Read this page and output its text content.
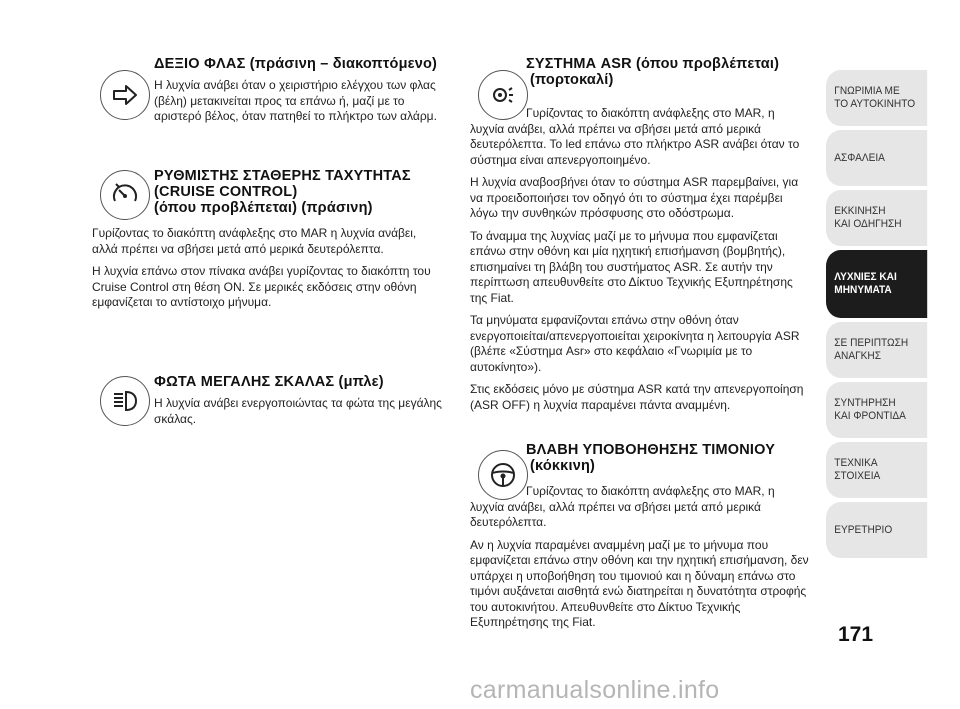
ΔΕΞΙΟ ΦΛΑΣ (πράσινη – διακοπτόμενο)

Η λυχνία ανάβει όταν ο χειριστήριο ελέγχου των φλας (βέλη) μετακινείται προς τα επάνω ή, μαζί με το αριστερό βέλος, όταν πατηθεί το πλήκτρο των αλάρμ.

ΡΥΘΜΙΣΤΗΣ ΣΤΑΘΕΡΗΣ ΤΑΧΥΤΗΤΑΣ
(CRUISE CONTROL)
(όπου προβλέπεται) (πράσινη)

Γυρίζοντας το διακόπτη ανάφλεξης στο MAR η λυχνία ανάβει, αλλά πρέπει να σβήσει μετά από μερικά δευτερόλεπτα.

Η λυχνία επάνω στον πίνακα ανάβει γυρίζοντας το διακόπτη του Cruise Control στη θέση ON. Σε μερικές εκδόσεις στην οθόνη εμφανίζεται το αντίστοιχο μήνυμα.

ΦΩΤΑ ΜΕΓΑΛΗΣ ΣΚΑΛΑΣ (μπλε)

Η λυχνία ανάβει ενεργοποιώντας τα φώτα της μεγάλης σκάλας.

ΣΥΣΤΗΜΑ ASR (όπου προβλέπεται)
(πορτοκαλί)

Γυρίζοντας το διακόπτη ανάφλεξης στο MAR, η λυχνία ανάβει, αλλά πρέπει να σβήσει μετά από μερικά δευτερόλεπτα. Το led επάνω στο πλήκτρο ASR ανάβει όταν το σύστημα είναι απενεργοποιημένο.

Η λυχνία αναβοσβήνει όταν το σύστημα ASR παρεμβαίνει, για να προειδοποιήσει τον οδηγό ότι το σύστημα έχει παρέμβει λόγω την συνθηκών πρόσφυσης στο οδόστρωμα.

Το άναμμα της λυχνίας μαζί με το μήνυμα που εμφανίζεται επάνω στην οθόνη και μία ηχητική επισήμανση (βομβητής), επισημαίνει τη βλάβη του συστήματος ASR. Σε αυτήν την περίπτωση απευθυνθείτε στο Δίκτυο Τεχνικής Εξυπηρέτησης της Fiat.

Τα μηνύματα εμφανίζονται επάνω στην οθόνη όταν ενεργοποιείται/απενεργοποιείται χειροκίνητα η λειτουργία ASR (βλέπε «Σύστημα Asr» στο κεφάλαιο «Γνωριμία με το αυτοκίνητο»).

Στις εκδόσεις μόνο με σύστημα ASR κατά την απενεργοποίηση (ASR OFF) η λυχνία παραμένει πάντα αναμμένη.

ΒΛΑΒΗ ΥΠΟΒΟΗΘΗΣΗΣ ΤΙΜΟΝΙΟΥ
(κόκκινη)

Γυρίζοντας το διακόπτη ανάφλεξης στο MAR, η λυχνία ανάβει, αλλά πρέπει να σβήσει μετά από μερικά δευτερόλεπτα.

Αν η λυχνία παραμένει αναμμένη μαζί με το μήνυμα που εμφανίζεται επάνω στην οθόνη και την ηχητική επισήμανση, δεν υπάρχει η υποβοήθηση του τιμονιού και η δύναμη επάνω στο τιμόνι αυξάνεται αισθητά ενώ διατηρείται η δυνατότητα στροφής του αυτοκινήτου. Απευθυνθείτε στο Δίκτυο Τεχνικής Εξυπηρέτησης της Fiat.

ΓΝΩΡΙΜΙΑ ΜΕ
ΤΟ ΑΥΤΟΚΙΝΗΤΟ
ΑΣΦΑΛΕΙΑ
ΕΚΚΙΝΗΣΗ
ΚΑΙ ΟΔΗΓΗΣΗ
ΛΥΧΝΙΕΣ ΚΑΙ
ΜΗΝΥΜΑΤΑ
ΣΕ ΠΕΡΙΠΤΩΣΗ
ΑΝΑΓΚΗΣ
ΣΥΝΤΗΡΗΣΗ
ΚΑΙ ΦΡΟΝΤΙΔΑ
ΤΕΧΝΙΚΑ
ΣΤΟΙΧΕΙΑ
ΕΥΡΕΤΗΡΙΟ
171
carmanualsonline.info
